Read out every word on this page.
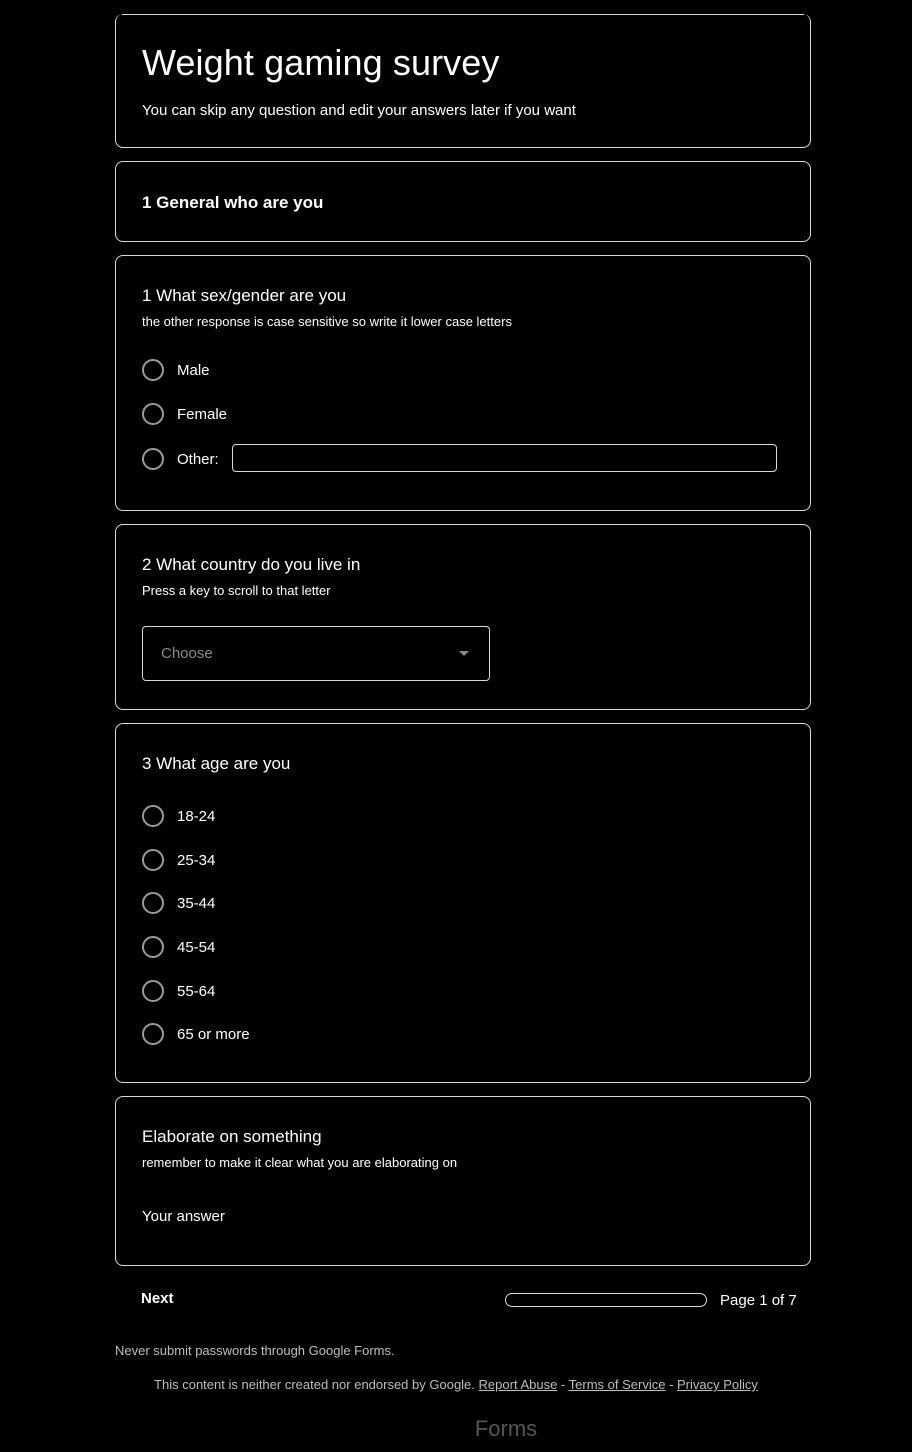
Weight gaming survey
You can skip any question and edit your answers later if you want
1 General who are you
1 What sex/gender are you
the other response is case sensitive so write it lower case letters
Male
Female
Other:
2 What country do you live in
Press a key to scroll to that letter
Choose
3 What age are you
18-24
25-34
35-44
45-54
55-64
65 or more
Elaborate on something
remember to make it clear what you are elaborating on
Your answer
Next	Page 1 of 7
Never submit passwords through Google Forms.
This content is neither created nor endorsed by Google. Report Abuse - Terms of Service - Privacy Policy
Forms
